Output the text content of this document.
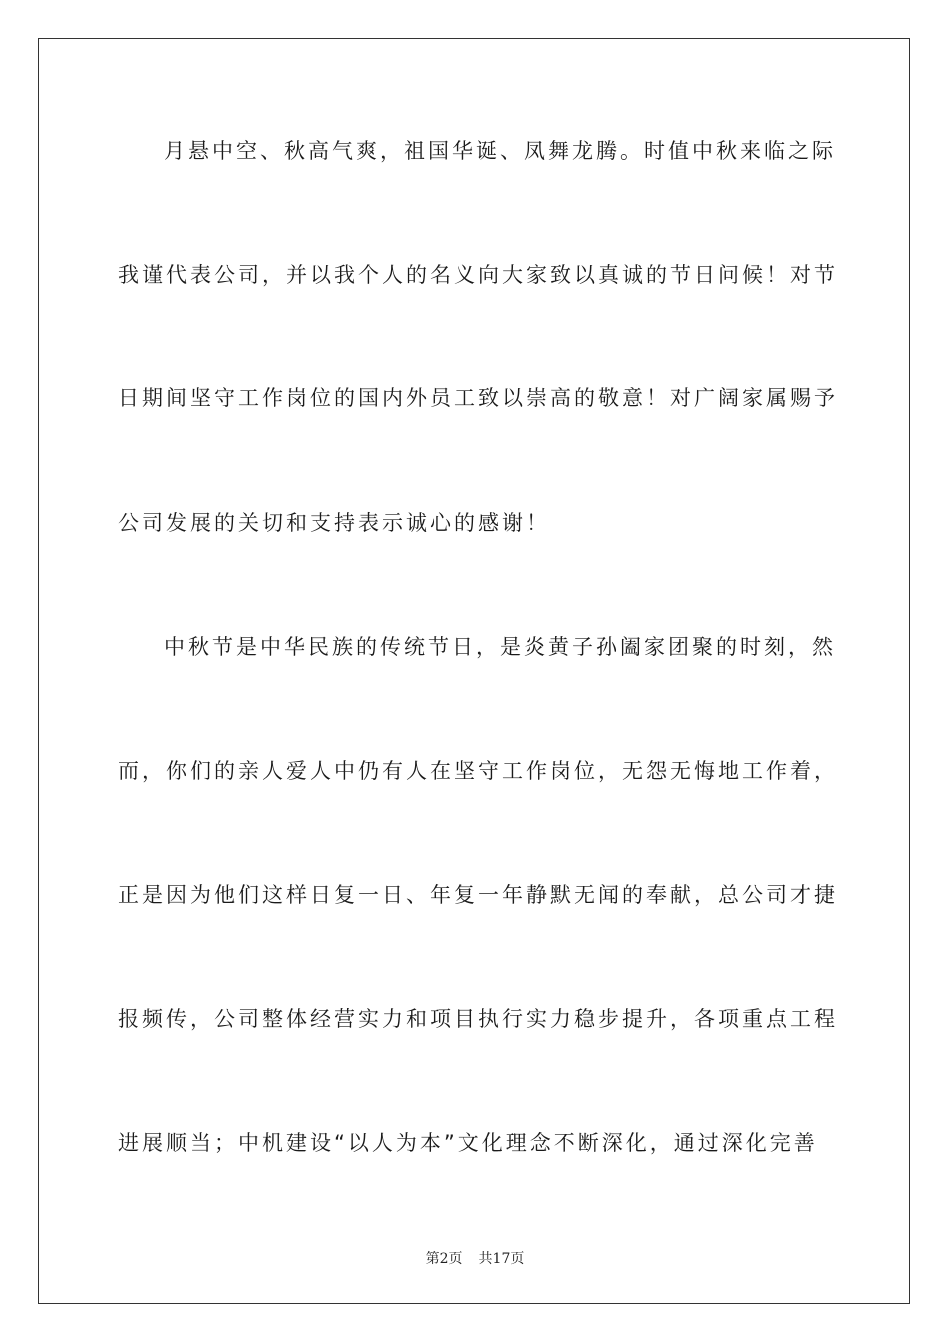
月悬中空、秋高气爽，祖国华诞、凤舞龙腾。时值中秋来临之际
我谨代表公司，并以我个人的名义向大家致以真诚的节日问候！对节
日期间坚守工作岗位的国内外员工致以崇高的敬意！对广阔家属赐予
公司发展的关切和支持表示诚心的感谢！
中秋节是中华民族的传统节日，是炎黄子孙阖家团聚的时刻，然
而，你们的亲人爱人中仍有人在坚守工作岗位，无怨无悔地工作着，
正是因为他们这样日复一日、年复一年静默无闻的奉献，总公司才捷
报频传，公司整体经营实力和项目执行实力稳步提升，各项重点工程
进展顺当；中机建设“以人为本”文化理念不断深化，通过深化完善
第2页 共17页
